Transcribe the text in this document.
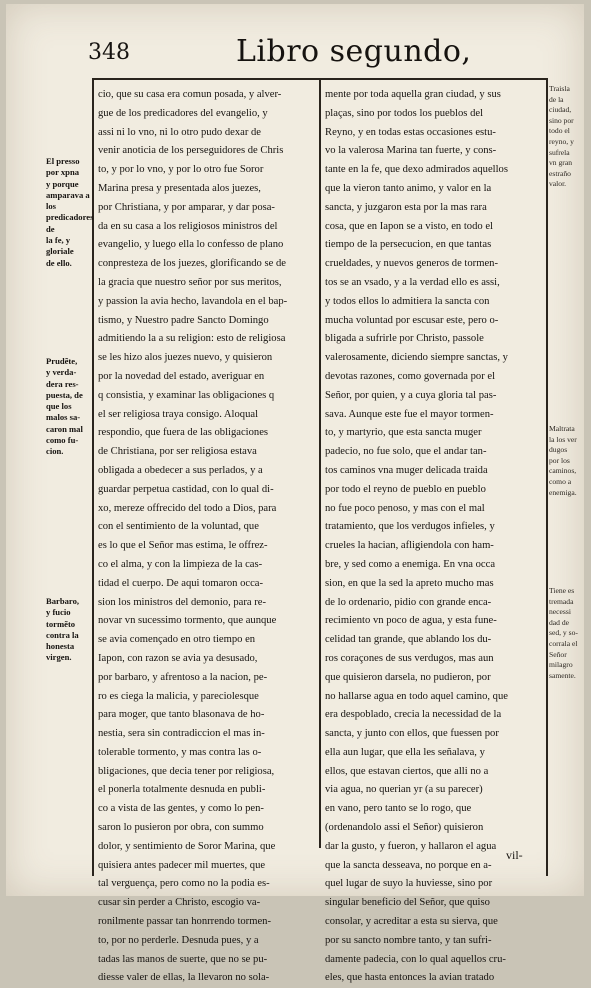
348	Libro segundo,
cio, que su casa era comun posada, y alver-
gue de los predicadores del evangelio, y
assi ni lo vno, ni lo otro pudo dexar de
venir anoticia de los perseguidores de Chris
to, y por lo vno, y por lo otro fue Soror
Marina presa y presentada alos juezes,
por Christiana, y por amparar, y dar posa-
da en su casa a los religiosos ministros del
evangelio, y luego ella lo confesso de plano
conpresteza de los juezes, glorificando se de
la gracia que nuestro señor por sus meritos,
y passion la avia hecho, lavandola en el bap-
tismo, y Nuestro padre Sancto Domingo
admitiendo la a su religion: esto de religiosa
se les hizo alos juezes nuevo, y quisieron
por la novedad del estado, averiguar en
q consistia, y examinar las obligaciones q
el ser religiosa traya consigo. Aloqual
respondio, que fuera de las obligaciones
de Christiana, por ser religiosa estava
obligada a obedecer a sus perlados, y a
guardar perpetua castidad, con lo qual di-
xo, mereze offrecido del todo a Dios, para
con el sentimiento de la voluntad, que
es lo que el Señor mas estima, le offrez-
co el alma, y con la limpieza de la cas-
tidad el cuerpo. De aqui tomaron occa-
sion los ministros del demonio, para re-
novar vn sucessimo tormento, que aunque
se avia començado en otro tiempo en
Iapon, con razon se avia ya desusado,
por barbaro, y afrentoso a la nacion, pe-
ro es ciega la malicia, y pareciolesque
para moger, que tanto blasonava de ho-
nestia, sera sin contradiccion el mas in-
tolerable tormento, y mas contra las o-
bligaciones, que decia tener por religiosa,
el ponerla totalmente desnuda en publi-
co a vista de las gentes, y como lo pen-
saron lo pusieron por obra, con summo
dolor, y sentimiento de Soror Marina, que
quisiera antes padecer mil muertes, que
tal verguença, pero como no la podia es-
cusar sin perder a Christo, escogio va-
ronilmente passar tan honrrendo tormen-
to, por no perderle. Desnuda pues, y a
tadas las manos de suerte, que no se pu-
diesse valer de ellas, la llevaron no sola-
mente por toda aquella gran ciudad, y sus
plaças, sino por todos los pueblos del
Reyno, y en todas estas occasiones estu-
vo la valerosa Marina tan fuerte, y cons-
tante en la fe, que dexo admirados aquellos
que la vieron tanto animo, y valor en la
sancta, y juzgaron esta por la mas rara
cosa, que en Iapon se a visto, en todo el
tiempo de la persecucion, en que tantas
crueldades, y nuevos generos de tormen-
tos se an vsado, y a la verdad ello es assi,
y todos ellos lo admitiera la sancta con
mucha voluntad por escusar este, pero o-
bligada a sufrirle por Christo, passole
valerosamente, diciendo siempre sanctas, y
devotas razones, como governada por el
Señor, por quien, y a cuya gloria tal pas-
sava. Aunque este fue el mayor tormen-
to, y martyrio, que esta sancta muger
padecio, no fue solo, que el andar tan-
tos caminos vna muger delicada traida
por todo el reyno de pueblo en pueblo
no fue poco penoso, y mas con el mal
tratamiento, que los verdugos infieles, y
crueles la hacian, afligiendola con ham-
bre, y sed como a enemiga. En vna occa
sion, en que la sed la apreto mucho mas
de lo ordenario, pidio con grande enca-
recimiento vn poco de agua, y esta fune-
celidad tan grande, que ablando los du-
ros coraçones de sus verdugos, mas aun
que quisieron darsela, no pudieron, por
no hallarse agua en todo aquel camino, que
era despoblado, crecia la necessidad de la
sancta, y junto con ellos, que fuessen por
ella aun lugar, que ella les señalava, y
ellos, que estavan ciertos, que alli no a
via agua, no querian yr (a su parecer)
en vano, pero tanto se lo rogo, que
(ordenandolo assi el Señor) quisieron
dar la gusto, y fueron, y hallaron el agua
que la sancta desseava, no porque en a-
quel lugar de suyo la huviesse, sino por
singular beneficio del Señor, que quiso
consolar, y acreditar a esta su sierva, que
por su sancto nombre tanto, y tan sufri-
damente padecia, con lo qual aquellos cru-
eles, que hasta entonces la avian tratado
El presso
por xpna
y porque
amparava a los
predicadores de
la fe, y
gloriale
de ello.
Prudẽte,
y verda-
dera res-
puesta, de
que los
malos sa-
caron mal
como fu-
cion.
Barbaro,
y fucio
tormẽto
contra la
honesta
virgen.
Traisla
de la
ciudad,
sino por
todo el
reyno, y
sufrela
vn gran
estraño
valor.
Maltrata
la los ver
dugos
por los
caminos,
como a
enemiga.
Tiene es
tremada
necessi
dad de
sed, y so-
corrala el
Señor
milagro
samente.
vil-
